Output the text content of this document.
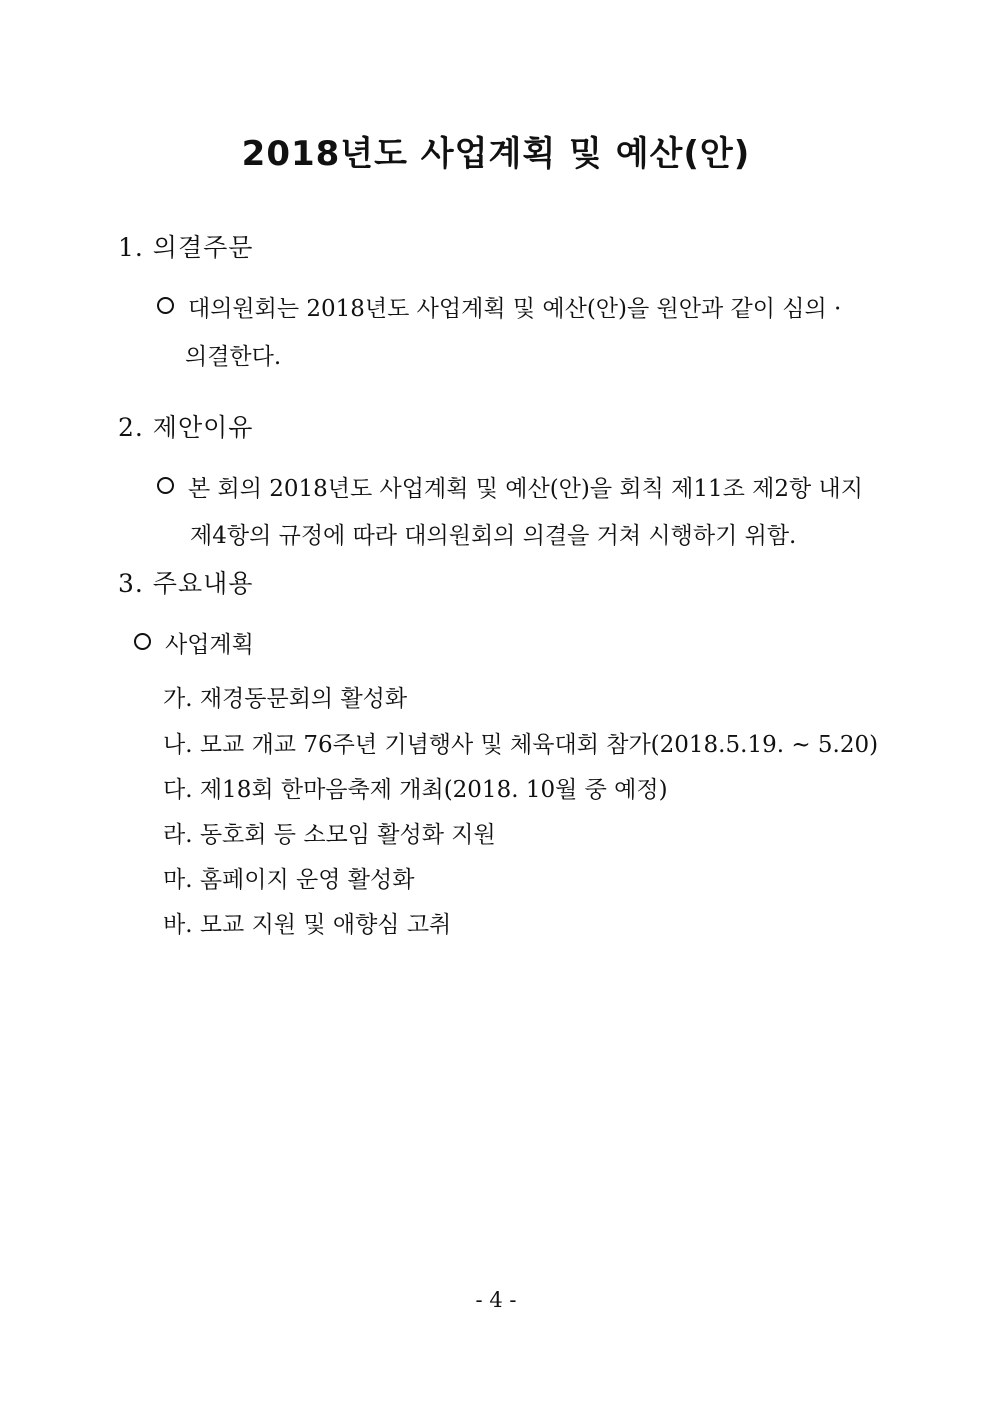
2018년도 사업계획 및 예산(안)
1. 의결주문
대의원회는 2018년도 사업계획 및 예산(안)을 원안과 같이 심의 ·
의결한다.
2. 제안이유
본 회의 2018년도 사업계획 및 예산(안)을 회칙 제11조 제2항 내지
제4항의 규정에 따라 대의원회의 의결을 거쳐 시행하기 위함.
3. 주요내용
사업계획
가. 재경동문회의 활성화
나. 모교 개교 76주년 기념행사 및 체육대회 참가(2018.5.19. ~ 5.20)
다. 제18회 한마음축제 개최(2018. 10월 중 예정)
라. 동호회 등 소모임 활성화 지원
마. 홈페이지 운영 활성화
바. 모교 지원 및 애향심 고취
- 4 -
